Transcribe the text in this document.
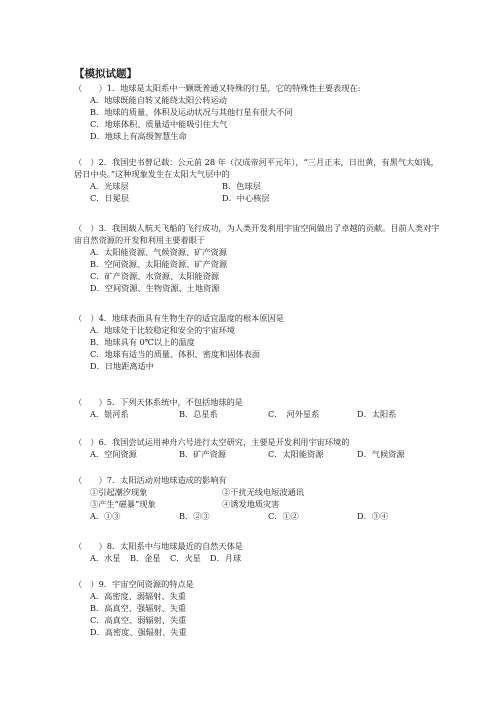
【模拟试题】
（　　）1．地球是太阳系中一颗既普通又特殊的行星，它的特殊性主要表现在:
A．地球既能自转又能绕太阳公转运动
B．地球的质量、体积及运动状况与其他行星有很大不同
C．地球体积、质量适中能吸引住大气
D．地球上有高级智慧生命
（　）2．我国史书曾记载：公元前 28 年（汉成帝河平元年），“三月正末，日出黄，有黑气大如钱，居日中央。”这种现象发生在太阳大气层中的
A．光球层	B．色球层
C．日冕层	D．中心核层
（　）3．我国载人航天飞船的飞行成功，为人类开发利用宇宙空间做出了卓越的贡献。目前人类对宇宙自然资源的开发和利用主要着眼于
A．太阳能资源、气候资源、矿产资源
B．空间资源、太阳能资源、矿产资源
C．矿产资源、水资源、太阳能资源
D．空间资源、生物资源、土地资源
（　）4．地球表面具有生物生存的适宜温度的根本原因是
A．地球处于比较稳定和安全的宇宙环境
B．地球具有 0℃以上的温度
C．地球有适当的质量、体积、密度和固体表面
D．日地距离适中
（　　）5．下列天体系统中，不包括地球的是
A．银河系	B．总星系	C．　河外星系	D．太阳系
（　）6．我国尝试运用神舟六号进行太空研究，主要是开发利用宇宙环境的
A．空间资源	B．矿产资源	C．太阳能资源	D．气候资源
（　　）7．太阳活动对地球造成的影响有
①引起潮汐现象	②干扰无线电短波通讯
③产生“磁暴”现象	④诱发地质灾害
A．①③	B．②③	C．①②	D．③④
（　　）8．太阳系中与地球最近的自然天体是
A．水星	B．金星	C．火星	D．月球
（　）9．宇宙空间资源的特点是
A．高密度、弱辐射、失重
B．高真空、强辐射、失重
C．高真空、弱辐射、失重
D．高密度、强辐射、失重
